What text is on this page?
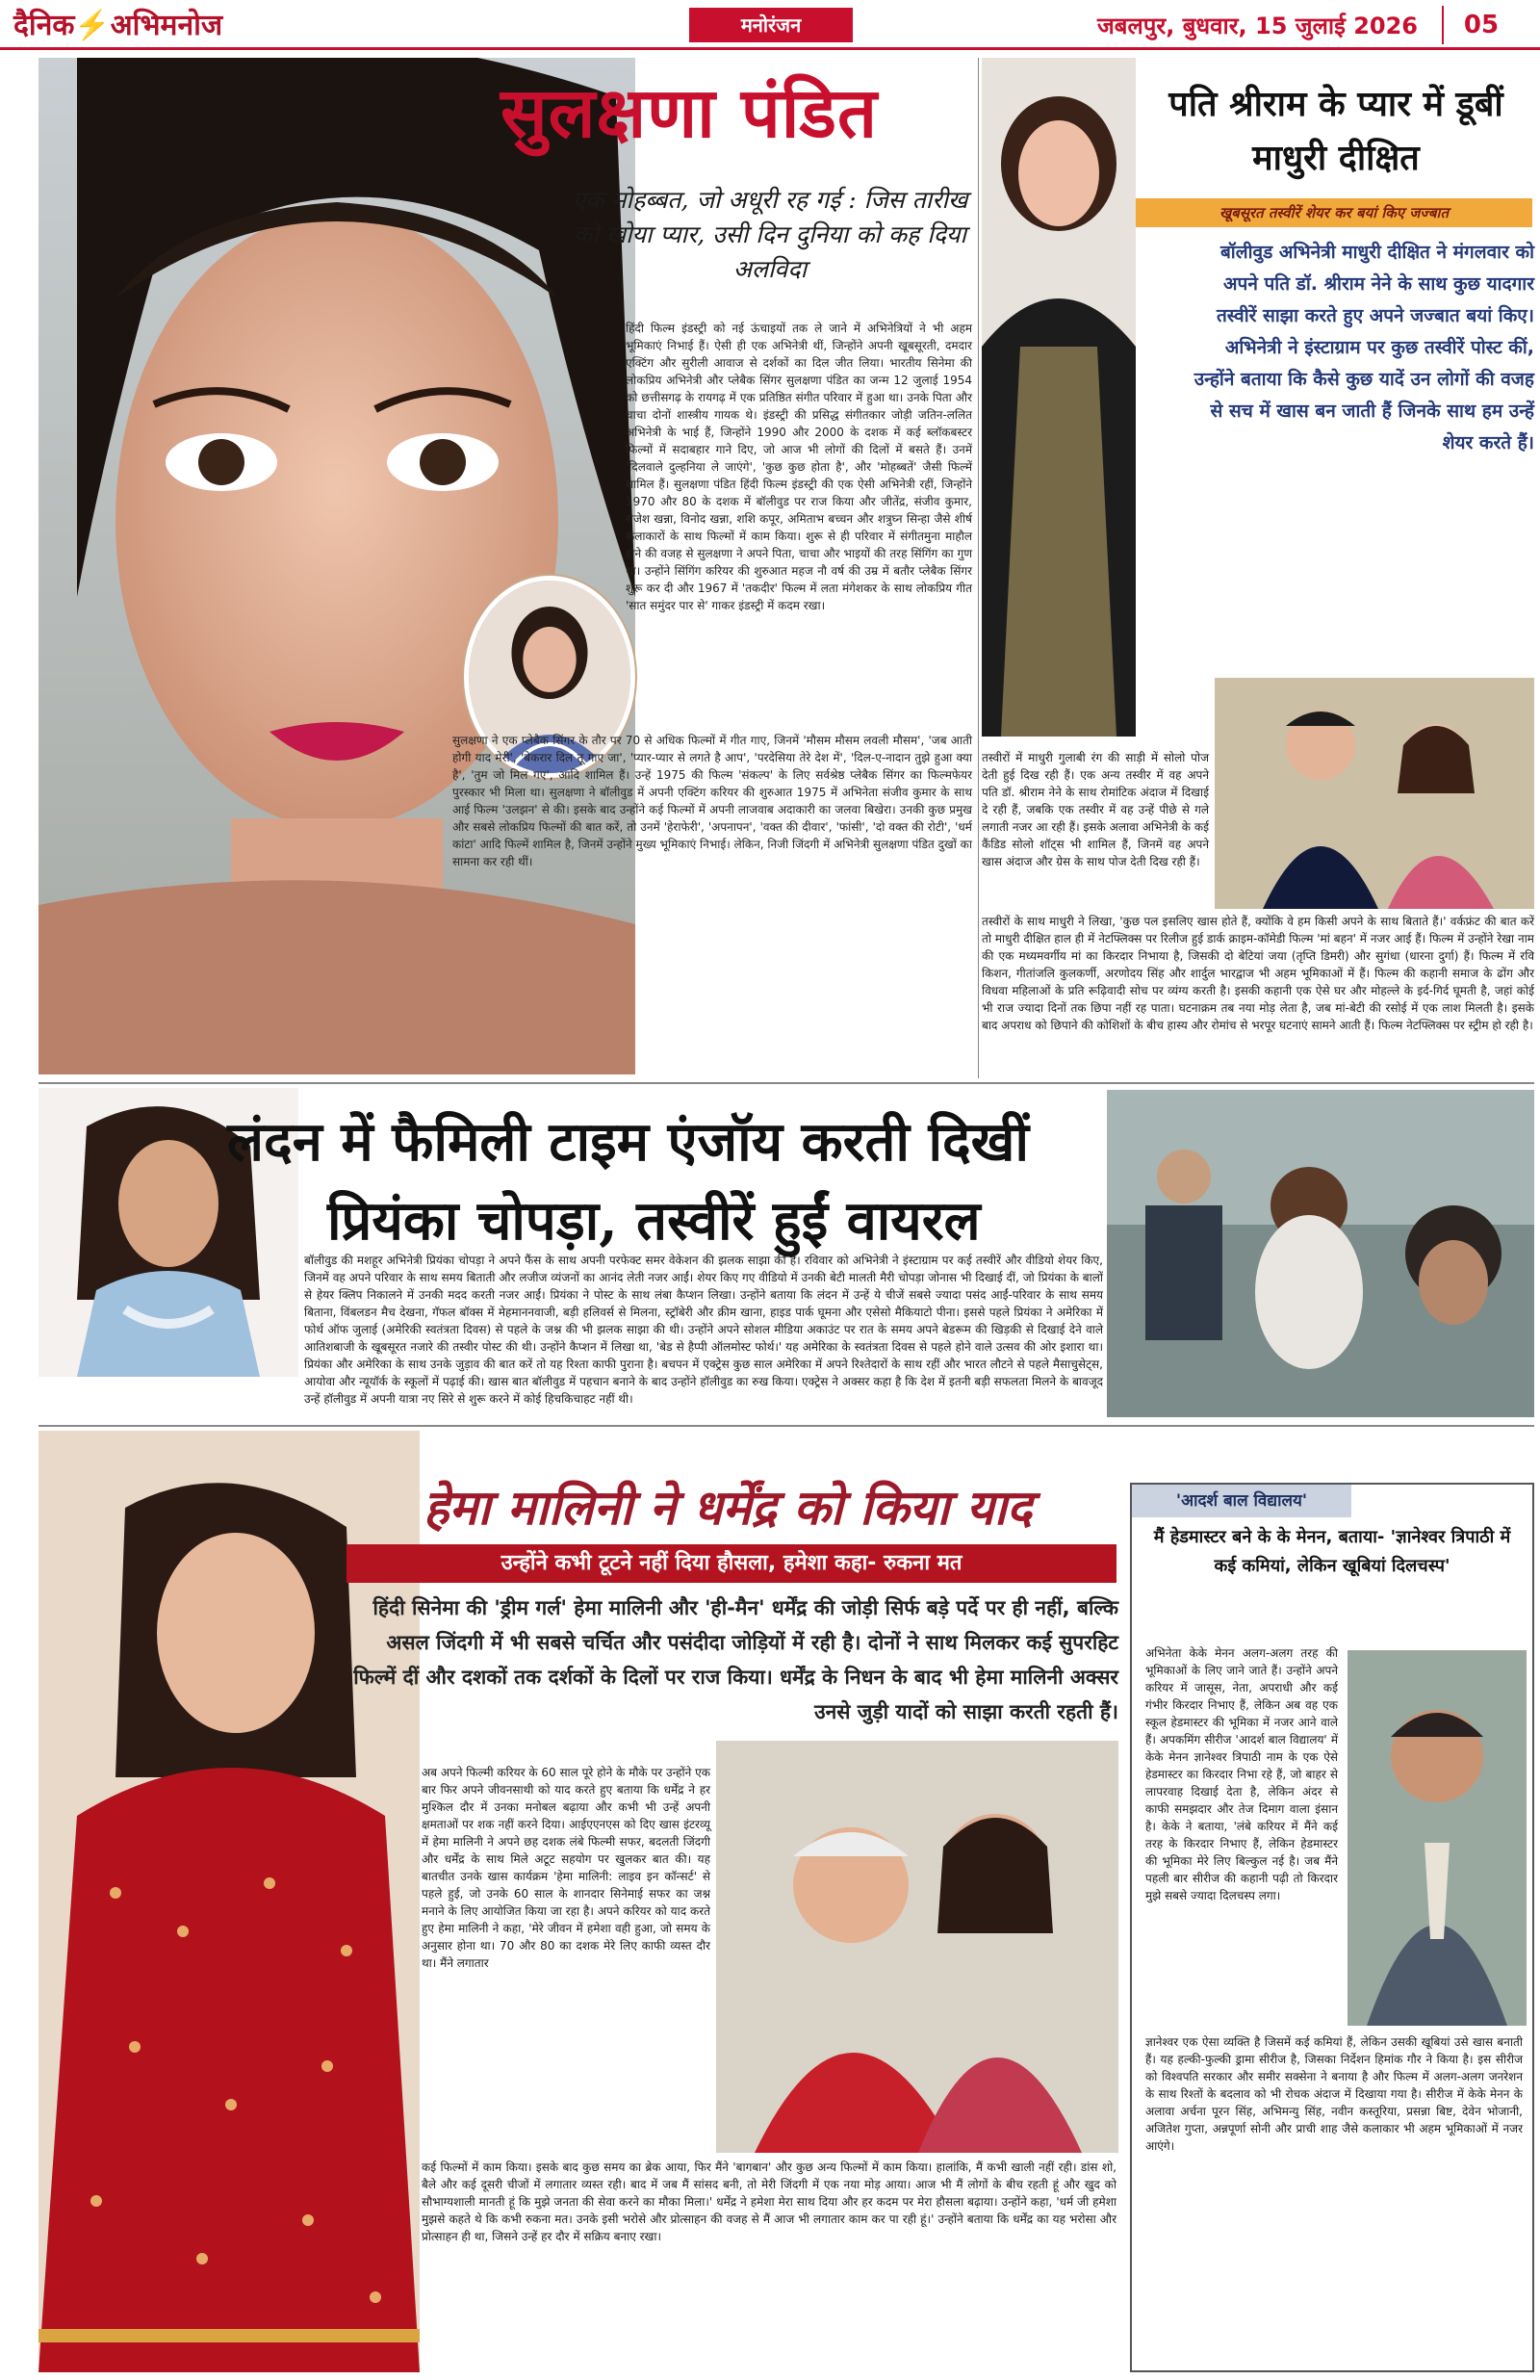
दैनिक⚡अभिमनोज	मनोरंजन	जबलपुर, बुधवार, 15 जुलाई 2026	05
सुलक्षणा पंडित
एक मोहब्बत, जो अधूरी रह गई : जिस तारीख को खोया प्यार, उसी दिन दुनिया को कह दिया अलविदा
हिंदी फिल्म इंडस्ट्री को नई ऊंचाइयों तक ले जाने में अभिनेत्रियों ने भी अहम भूमिकाएं निभाई हैं। ऐसी ही एक अभिनेत्री थीं, जिन्होंने अपनी खूबसूरती, दमदार एक्टिंग और सुरीली आवाज से दर्शकों का दिल जीत लिया। भारतीय सिनेमा की लोकप्रिय अभिनेत्री और प्लेबैक सिंगर सुलक्षणा पंडित का जन्म 12 जुलाई 1954 को छत्तीसगढ़ के रायगढ़ में एक प्रतिष्ठित संगीत परिवार में हुआ था। उनके पिता और चाचा दोनों शास्त्रीय गायक थे। इंडस्ट्री की प्रसिद्ध संगीतकार जोड़ी जतिन-ललित अभिनेत्री के भाई हैं, जिन्होंने 1990 और 2000 के दशक में कई ब्लॉकबस्टर फिल्मों में सदाबहार गाने दिए, जो आज भी लोगों की दिलों में बसते हैं। उनमें 'दिलवाले दुल्हनिया ले जाएंगे', 'कुछ कुछ होता है', और 'मोहब्बतें' जैसी फिल्में शामिल हैं। सुलक्षणा पंडित हिंदी फिल्म इंडस्ट्री की एक ऐसी अभिनेत्री रहीं, जिन्होंने 1970 और 80 के दशक में बॉलीवुड पर राज किया और जीतेंद्र, संजीव कुमार, राजेश खन्ना, विनोद खन्ना, शशि कपूर, अमिताभ बच्चन और शत्रुघ्न सिन्हा जैसे शीर्ष कलाकारों के साथ फिल्मों में काम किया। शुरू से ही परिवार में संगीतमुना माहौल होने की वजह से सुलक्षणा ने अपने पिता, चाचा और भाइयों की तरह सिंगिंग का गुण था। उन्होंने सिंगिंग करियर की शुरुआत महज नौ वर्ष की उम्र में बतौर प्लेबैक सिंगर शुरू कर दी और 1967 में 'तकदीर' फिल्म में लता मंगेशकर के साथ लोकप्रिय गीत 'सात समुंदर पार से' गाकर इंडस्ट्री में कदम रखा।
सुलक्षणा ने एक प्लेबैक सिंगर के तौर पर 70 से अधिक फिल्मों में गीत गाए, जिनमें 'मौसम मौसम लवली मौसम', 'जब आती होगी याद मेरी', 'बेकरार दिल तू गाए जा', 'प्यार-प्यार से लगते है आप', 'परदेसिया तेरे देश में', 'दिल-ए-नादान तुझे हुआ क्या है', 'तुम जो मिल गए', आदि शामिल हैं। उन्हें 1975 की फिल्म 'संकल्प' के लिए सर्वश्रेष्ठ प्लेबैक सिंगर का फिल्मफेयर पुरस्कार भी मिला था। सुलक्षणा ने बॉलीवुड में अपनी एक्टिंग करियर की शुरुआत 1975 में अभिनेता संजीव कुमार के साथ आई फिल्म 'उलझन' से की। इसके बाद उन्होंने कई फिल्मों में अपनी लाजवाब अदाकारी का जलवा बिखेरा। उनकी कुछ प्रमुख और सबसे लोकप्रिय फिल्मों की बात करें, तो उनमें 'हेराफेरी', 'अपनापन', 'वक्त की दीवार', 'फांसी', 'दो वक्त की रोटी', 'धर्म कांटा' आदि फिल्में शामिल है, जिनमें उन्होंने मुख्य भूमिकाएं निभाई। लेकिन, निजी जिंदगी में अभिनेत्री सुलक्षणा पंडित दुखों का सामना कर रही थीं।
पति श्रीराम के प्यार में डूबीं माधुरी दीक्षित
खूबसूरत तस्वीरें शेयर कर बयां किए जज्बात
बॉलीवुड अभिनेत्री माधुरी दीक्षित ने मंगलवार को अपने पति डॉ. श्रीराम नेने के साथ कुछ यादगार तस्वीरें साझा करते हुए अपने जज्बात बयां किए। अभिनेत्री ने इंस्टाग्राम पर कुछ तस्वीरें पोस्ट कीं, उन्होंने बताया कि कैसे कुछ यादें उन लोगों की वजह से सच में खास बन जाती हैं जिनके साथ हम उन्हें शेयर करते हैं।
तस्वीरों में माधुरी गुलाबी रंग की साड़ी में सोलो पोज देती हुई दिख रही हैं। एक अन्य तस्वीर में वह अपने पति डॉ. श्रीराम नेने के साथ रोमांटिक अंदाज में दिखाई दे रही हैं, जबकि एक तस्वीर में वह उन्हें पीछे से गले लगाती नजर आ रही हैं। इसके अलावा अभिनेत्री के कई कैंडिड सोलो शॉट्स भी शामिल हैं, जिनमें वह अपने खास अंदाज और ग्रेस के साथ पोज देती दिख रही हैं।
तस्वीरों के साथ माधुरी ने लिखा, 'कुछ पल इसलिए खास होते हैं, क्योंकि वे हम किसी अपने के साथ बिताते हैं।' वर्कफ्रंट की बात करें तो माधुरी दीक्षित हाल ही में नेटफ्लिक्स पर रिलीज हुई डार्क क्राइम-कॉमेडी फिल्म 'मां बहन' में नजर आई हैं। फिल्म में उन्होंने रेखा नाम की एक मध्यमवर्गीय मां का किरदार निभाया है, जिसकी दो बेटियां जया (तृप्ति डिमरी) और सुगंधा (धारना दुर्गा) हैं। फिल्म में रवि किशन, गीतांजलि कुलकर्णी, अरणोदय सिंह और शार्दुल भारद्वाज भी अहम भूमिकाओं में हैं। फिल्म की कहानी समाज के ढोंग और विधवा महिलाओं के प्रति रूढ़िवादी सोच पर व्यंग्य करती है। इसकी कहानी एक ऐसे घर और मोहल्ले के इर्द-गिर्द घूमती है, जहां कोई भी राज ज्यादा दिनों तक छिपा नहीं रह पाता। घटनाक्रम तब नया मोड़ लेता है, जब मां-बेटी की रसोई में एक लाश मिलती है। इसके बाद अपराध को छिपाने की कोशिशों के बीच हास्य और रोमांच से भरपूर घटनाएं सामने आती हैं। फिल्म नेटफ्लिक्स पर स्ट्रीम हो रही है।
लंदन में फैमिली टाइम एंजॉय करती दिखीं
प्रियंका चोपड़ा, तस्वीरें हुईं वायरल
बॉलीवुड की मशहूर अभिनेत्री प्रियंका चोपड़ा ने अपने फैंस के साथ अपनी परफेक्ट समर वेकेशन की झलक साझा की है। रविवार को अभिनेत्री ने इंस्टाग्राम पर कई तस्वीरें और वीडियो शेयर किए, जिनमें वह अपने परिवार के साथ समय बिताती और लजीज व्यंजनों का आनंद लेती नजर आईं। शेयर किए गए वीडियो में उनकी बेटी मालती मैरी चोपड़ा जोनास भी दिखाई दीं, जो प्रियंका के बालों से हेयर क्लिप निकालने में उनकी मदद करती नजर आईं। प्रियंका ने पोस्ट के साथ लंबा कैप्शन लिखा। उन्होंने बताया कि लंदन में उन्हें ये चीजें सबसे ज्यादा पसंद आईं-परिवार के साथ समय बिताना, विंबलडन मैच देखना, गॅफल बॉक्स में मेहमाननवाजी, बड़ी हलिवर्स से मिलना, स्ट्रॉबेरी और क्रीम खाना, हाइड पार्क घूमना और एसेसो मैकियाटो पीना। इससे पहले प्रियंका ने अमेरिका में फोर्थ ऑफ जुलाई (अमेरिकी स्वतंत्रता दिवस) से पहले के जश्न की भी झलक साझा की थी। उन्होंने अपने सोशल मीडिया अकाउंट पर रात के समय अपने बेडरूम की खिड़की से दिखाई देने वाले आतिशबाजी के खूबसूरत नजारे की तस्वीर पोस्ट की थी। उन्होंने कैप्शन में लिखा था, 'बेड से हैप्पी ऑलमोस्ट फोर्थ।' यह अमेरिका के स्वतंत्रता दिवस से पहले होने वाले उत्सव की ओर इशारा था। प्रियंका और अमेरिका के साथ उनके जुड़ाव की बात करें तो यह रिश्ता काफी पुराना है। बचपन में एक्ट्रेस कुछ साल अमेरिका में अपने रिश्तेदारों के साथ रहीं और भारत लौटने से पहले मैसाचुसेट्स, आयोवा और न्यूयॉर्क के स्कूलों में पढ़ाई की। खास बात बॉलीवुड में पहचान बनाने के बाद उन्होंने हॉलीवुड का रुख किया। एक्ट्रेस ने अक्सर कहा है कि देश में इतनी बड़ी सफलता मिलने के बावजूद उन्हें हॉलीवुड में अपनी यात्रा नए सिरे से शुरू करने में कोई हिचकिचाहट नहीं थी।
हेमा मालिनी ने धर्मेंद्र को किया याद
उन्होंने कभी टूटने नहीं दिया हौसला, हमेशा कहा- रुकना मत
हिंदी सिनेमा की 'ड्रीम गर्ल' हेमा मालिनी और 'ही-मैन' धर्मेंद्र की जोड़ी सिर्फ बड़े पर्दे पर ही नहीं, बल्कि असल जिंदगी में भी सबसे चर्चित और पसंदीदा जोड़ियों में रही है। दोनों ने साथ मिलकर कई सुपरहिट फिल्में दीं और दशकों तक दर्शकों के दिलों पर राज किया। धर्मेंद्र के निधन के बाद भी हेमा मालिनी अक्सर उनसे जुड़ी यादों को साझा करती रहती हैं।
अब अपने फिल्मी करियर के 60 साल पूरे होने के मौके पर उन्होंने एक बार फिर अपने जीवनसाथी को याद करते हुए बताया कि धर्मेंद्र ने हर मुश्किल दौर में उनका मनोबल बढ़ाया और कभी भी उन्हें अपनी क्षमताओं पर शक नहीं करने दिया। आईएएनएस को दिए खास इंटरव्यू में हेमा मालिनी ने अपने छह दशक लंबे फिल्मी सफर, बदलती जिंदगी और धर्मेंद्र के साथ मिले अटूट सहयोग पर खुलकर बात की। यह बातचीत उनके खास कार्यक्रम 'हेमा मालिनी: लाइव इन कॉन्सर्ट' से पहले हुई, जो उनके 60 साल के शानदार सिनेमाई सफर का जश्न मनाने के लिए आयोजित किया जा रहा है। अपने करियर को याद करते हुए हेमा मालिनी ने कहा, 'मेरे जीवन में हमेशा वही हुआ, जो समय के अनुसार होना था। 70 और 80 का दशक मेरे लिए काफी व्यस्त दौर था। मैंने लगातार
कई फिल्मों में काम किया। इसके बाद कुछ समय का ब्रेक आया, फिर मैंने 'बागबान' और कुछ अन्य फिल्मों में काम किया। हालांकि, मैं कभी खाली नहीं रही। डांस शो, बैले और कई दूसरी चीजों में लगातार व्यस्त रही। बाद में जब मैं सांसद बनी, तो मेरी जिंदगी में एक नया मोड़ आया। आज भी मैं लोगों के बीच रहती हूं और खुद को सौभाग्यशाली मानती हूं कि मुझे जनता की सेवा करने का मौका मिला।' धर्मेंद्र ने हमेशा मेरा साथ दिया और हर कदम पर मेरा हौसला बढ़ाया। उन्होंने कहा, 'धर्म जी हमेशा मुझसे कहते थे कि कभी रुकना मत। उनके इसी भरोसे और प्रोत्साहन की वजह से मैं आज भी लगातार काम कर पा रही हूं।' उन्होंने बताया कि धर्मेंद्र का यह भरोसा और प्रोत्साहन ही था, जिसने उन्हें हर दौर में सक्रिय बनाए रखा।
'आदर्श बाल विद्यालय'
मैं हेडमास्टर बने के के मेनन, बताया- 'ज्ञानेश्वर त्रिपाठी में कई कमियां, लेकिन खूबियां दिलचस्प'
अभिनेता केके मेनन अलग-अलग तरह की भूमिकाओं के लिए जाने जाते हैं। उन्होंने अपने करियर में जासूस, नेता, अपराधी और कई गंभीर किरदार निभाए हैं, लेकिन अब वह एक स्कूल हेडमास्टर की भूमिका में नजर आने वाले हैं। अपकमिंग सीरीज 'आदर्श बाल विद्यालय' में केके मेनन ज्ञानेश्वर त्रिपाठी नाम के एक ऐसे हेडमास्टर का किरदार निभा रहे हैं, जो बाहर से लापरवाह दिखाई देता है, लेकिन अंदर से काफी समझदार और तेज दिमाग वाला इंसान है। केके ने बताया, 'लंबे करियर में मैंने कई तरह के किरदार निभाए हैं, लेकिन हेडमास्टर की भूमिका मेरे लिए बिल्कुल नई है। जब मैंने पहली बार सीरीज की कहानी पढ़ी तो किरदार मुझे सबसे ज्यादा दिलचस्प लगा।
ज्ञानेश्वर एक ऐसा व्यक्ति है जिसमें कई कमियां हैं, लेकिन उसकी खूबियां उसे खास बनाती हैं। यह हल्की-फुल्की ड्रामा सीरीज है, जिसका निर्देशन हिमांक गौर ने किया है। इस सीरीज को विश्वपति सरकार और समीर सक्सेना ने बनाया है और फिल्म में अलग-अलग जनरेशन के साथ रिश्तों के बदलाव को भी रोचक अंदाज में दिखाया गया है। सीरीज में केके मेनन के अलावा अर्चना पूरन सिंह, अभिमन्यु सिंह, नवीन कस्तूरिया, प्रसन्ना बिष्ट, देवेन भोजानी, अजितेश गुप्ता, अन्नपूर्णा सोनी और प्राची शाह जैसे कलाकार भी अहम भूमिकाओं में नजर आएंगे।
